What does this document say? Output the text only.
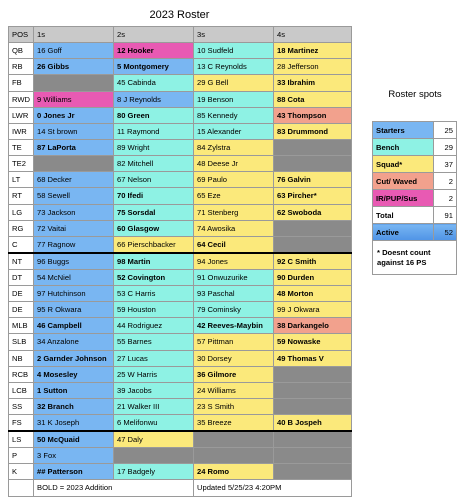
2023 Roster
POS	1s	2s	3s	4s
QB	16 Goff	12 Hooker	10 Sudfeld	18 Martinez
RB	26 Gibbs	5 Montgomery	13 C Reynolds	28 Jefferson
FB		45 Cabinda	29 G Bell	33 Ibrahim
RWD	9 Williams	8 J Reynolds	19 Benson	88 Cota
LWR	0 Jones Jr	80 Green	85 Kennedy	43 Thompson
IWR	14 St brown	11 Raymond	15 Alexander	83 Drummond
TE	87 LaPorta	89 Wright	84 Zylstra	
TE2		82 Mitchell	48 Deese Jr	
LT	68 Decker	67 Nelson	69 Paulo	76 Galvin
RT	58 Sewell	70 Ifedi	65 Eze	63 Pircher*
LG	73 Jackson	75 Sorsdal	71 Stenberg	62 Swoboda
RG	72 Vaitai	60 Glasgow	74 Awosika	
C	77 Ragnow	66 Pierschbacker	64 Cecil	
NT	96 Buggs	98 Martin	94 Jones	92 C Smith
DT	54 McNiel	52 Covington	91 Onwuzurike	90 Durden
DE	97 Hutchinson	53 C Harris	93 Paschal	48 Morton
DE	95 R Okwara	59 Houston	79 Cominsky	99 J Okwara
MLB	46 Campbell	44 Rodriguez	42 Reeves-Maybin	38 Darkangelo
SLB	34 Anzalone	55 Barnes	57 Pittman	59 Nowaske
NB	2 Garnder Johnson	27 Lucas	30 Dorsey	49 Thomas V
RCB	4 Mosesley	25 W Harris	36 Gilmore	
LCB	1 Sutton	39 Jacobs	24 Williams	
SS	32 Branch	21 Walker III	23 S Smith	
FS	31 K Joseph	6 Melifonwu	35 Breeze	40 B Jospeh
LS	50 McQuaid	47 Daly		
P	3 Fox			
K	## Patterson	17 Badgely	24 Romo	
	BOLD = 2023 Addition		Updated 5/25/23 4:20PM	
Roster spots
Starters	25
Bench	29
Squad*	37
Cut/ Waved	2
IR/PUP/Sus	2
Total	91
Active	52
* Doesnt count against 16 PS	
